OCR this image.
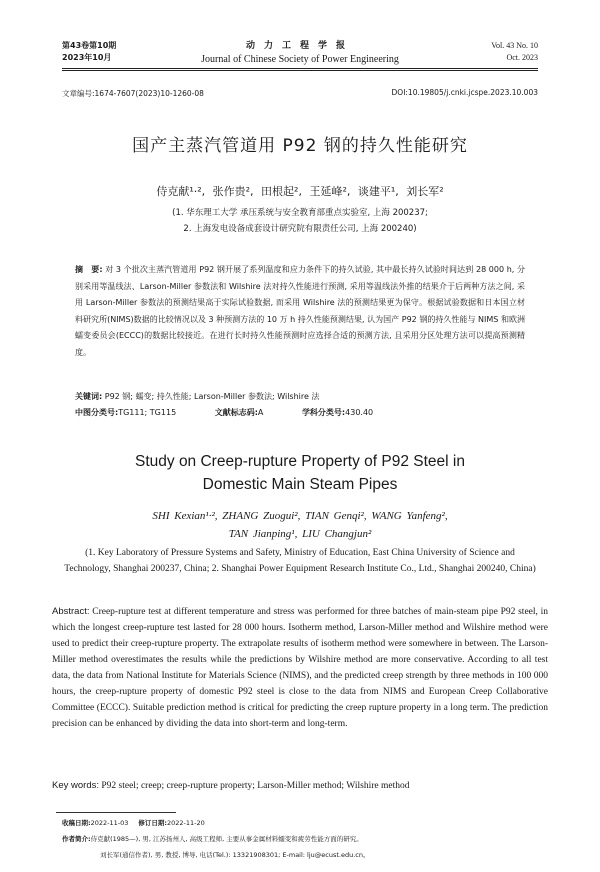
第43卷第10期
2023年10月
动力工程学报
Journal of Chinese Society of Power Engineering
Vol. 43 No. 10
Oct. 2023
文章编号:1674-7607(2023)10-1260-08	DOI:10.19805/j.cnki.jcspe.2023.10.003
国产主蒸汽管道用 P92 钢的持久性能研究
侍克献¹·², 张作贵², 田根起², 王延峰², 谈建平¹, 刘长军²
(1. 华东理工大学 承压系统与安全教育部重点实验室, 上海 200237;
2. 上海发电设备成套设计研究院有限责任公司, 上海 200240)
摘　要: 对 3 个批次主蒸汽管道用 P92 钢开展了系列温度和应力条件下的持久试验, 其中最长持久试验时间达到 28 000 h, 分别采用等温线法、Larson-Miller 参数法和 Wilshire 法对持久性能进行预测, 采用等温线法外推的结果介于后两种方法之间, 采用 Larson-Miller 参数法的预测结果高于实际试验数据, 而采用 Wilshire 法的预测结果更为保守。根据试验数据和日本国立材料研究所(NIMS)数据的比较情况以及 3 种预测方法的 10 万 h 持久性能预测结果, 认为国产 P92 钢的持久性能与 NIMS 和欧洲蠕变委员会(ECCC)的数据比较接近。在进行长时持久性能预测时应选择合适的预测方法, 且采用分区处理方法可以提高预测精度。
关键词: P92 钢; 蠕变; 持久性能; Larson-Miller 参数法; Wilshire 法
中图分类号:TG111; TG115	文献标志码:A	学科分类号:430.40
Study on Creep-rupture Property of P92 Steel in
Domestic Main Steam Pipes
SHI Kexian¹·², ZHANG Zuogui², TIAN Genqi², WANG Yanfeng²,
TAN Jianping¹, LIU Changjun²
(1. Key Laboratory of Pressure Systems and Safety, Ministry of Education, East China University of Science and Technology, Shanghai 200237, China; 2. Shanghai Power Equipment Research Institute Co., Ltd., Shanghai 200240, China)
Abstract: Creep-rupture test at different temperature and stress was performed for three batches of main-steam pipe P92 steel, in which the longest creep-rupture test lasted for 28 000 hours. Isotherm method, Larson-Miller method and Wilshire method were used to predict their creep-rupture property. The extrapolate results of isotherm method were somewhere in between. The Larson-Miller method overestimates the results while the predictions by Wilshire method are more conservative. According to all test data, the data from National Institute for Materials Science (NIMS), and the predicted creep strength by three methods in 100 000 hours, the creep-rupture property of domestic P92 steel is close to the data from NIMS and European Creep Collaborative Committee (ECCC). Suitable prediction method is critical for predicting the creep rupture property in a long term. The prediction precision can be enhanced by dividing the data into short-term and long-term.
Key words: P92 steel; creep; creep-rupture property; Larson-Miller method; Wilshire method
收稿日期:2022-11-03 修订日期:2022-11-20
作者简介:侍克献(1985—), 男, 江苏扬州人, 高级工程师, 主要从事金属材料蠕变和疲劳性能方面的研究。
刘长军(通信作者), 男, 教授, 博导, 电话(Tel.): 13321908301; E-mail: lju@ecust.edu.cn。
